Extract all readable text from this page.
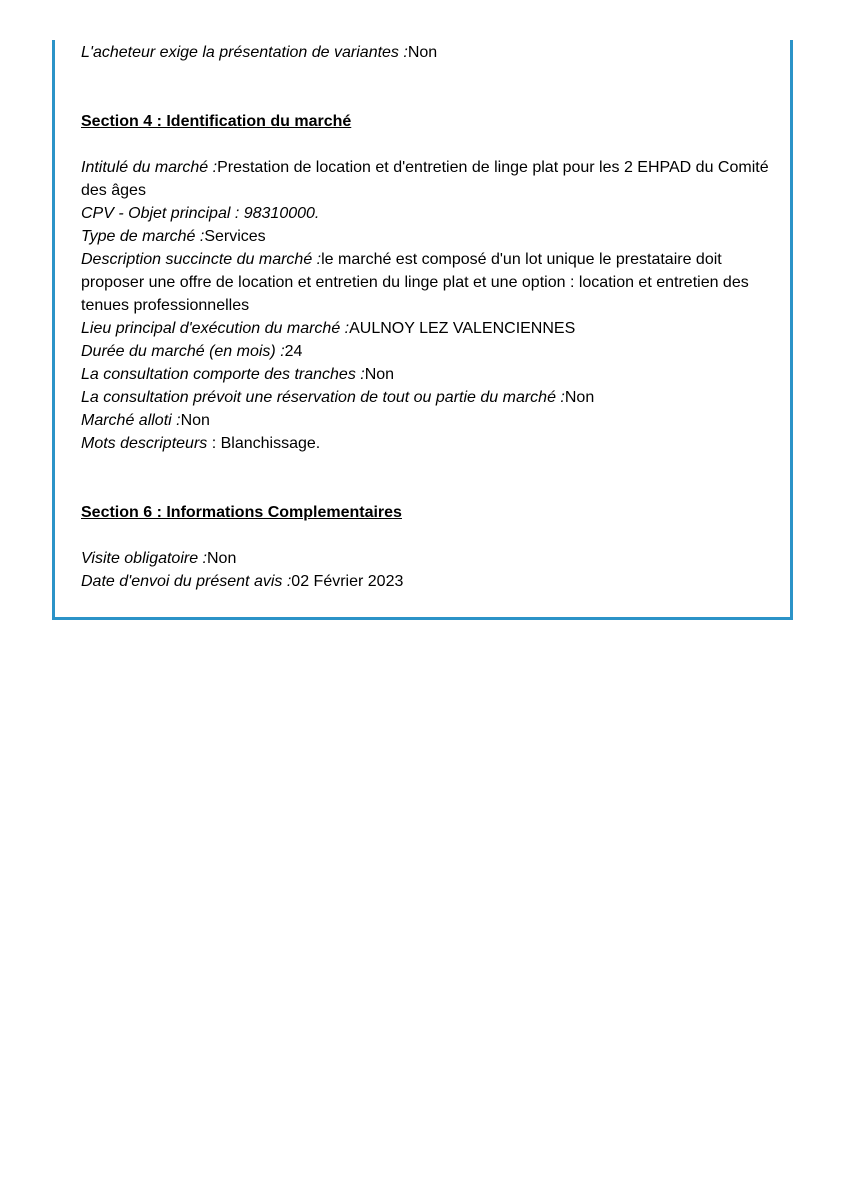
L'acheteur exige la présentation de variantes :Non

Section 4 : Identification du marché

Intitulé du marché :Prestation de location et d'entretien de linge plat pour les 2 EHPAD du Comité des âges

CPV - Objet principal : 98310000.

Type de marché :Services

Description succincte du marché :le marché est composé d'un lot unique le prestataire doit proposer une offre de location et entretien du linge plat et une option : location et entretien des tenues professionnelles

Lieu principal d'exécution du marché :AULNOY LEZ VALENCIENNES

Durée du marché (en mois) :24

La consultation comporte des tranches :Non

La consultation prévoit une réservation de tout ou partie du marché :Non

Marché alloti :Non

Mots descripteurs : Blanchissage.

Section 6 : Informations Complementaires

Visite obligatoire :Non

Date d'envoi du présent avis :02 Février 2023
